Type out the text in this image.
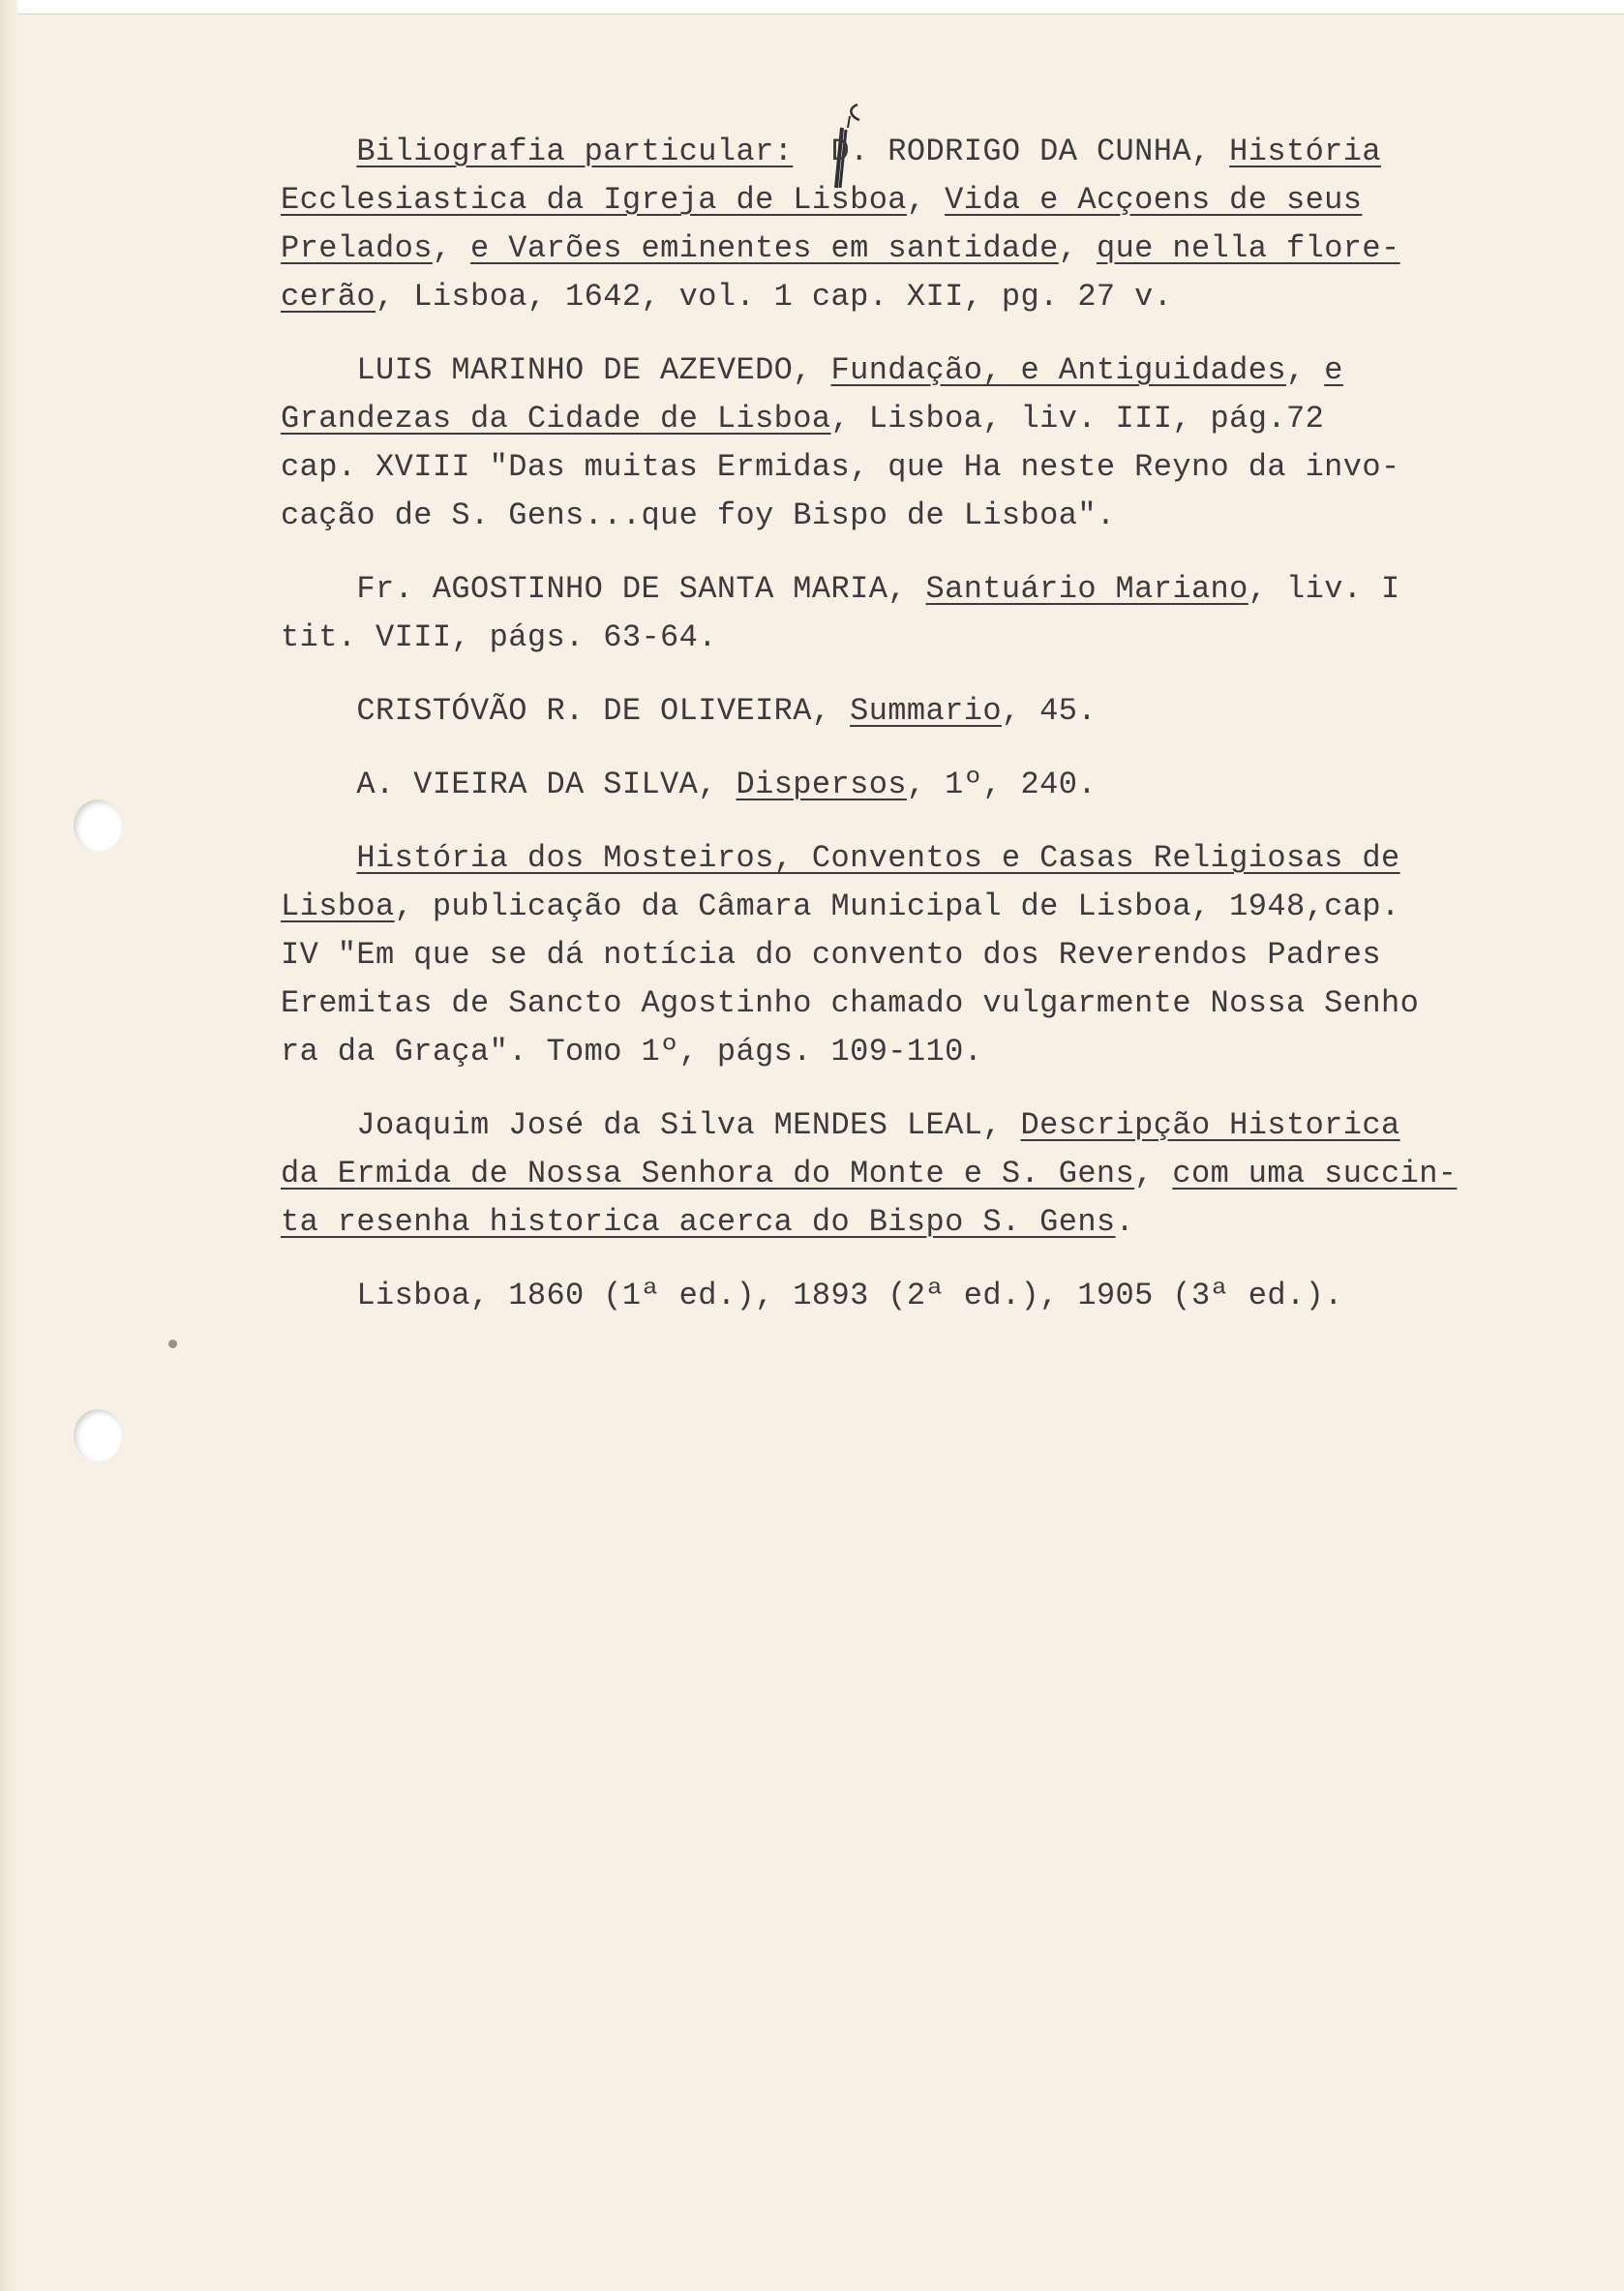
Biliografia particular:  D. RODRIGO DA CUNHA, História
Ecclesiastica da Igreja de Lisboa, Vida e Acçoens de seus
Prelados, e Varões eminentes em santidade, que nella flore-
cerão, Lisboa, 1642, vol. 1 cap. XII, pg. 27 v.
LUIS MARINHO DE AZEVEDO, Fundação, e Antiguidades, e
Grandezas da Cidade de Lisboa, Lisboa, liv. III, pág.72
cap. XVIII "Das muitas Ermidas, que Ha neste Reyno da invo-
cação de S. Gens...que foy Bispo de Lisboa".
Fr. AGOSTINHO DE SANTA MARIA, Santuário Mariano, liv. I
tit. VIII, págs. 63-64.
CRISTÓVÃO R. DE OLIVEIRA, Summario, 45.
A. VIEIRA DA SILVA, Dispersos, 1º, 240.
História dos Mosteiros, Conventos e Casas Religiosas de
Lisboa, publicação da Câmara Municipal de Lisboa, 1948,cap.
IV "Em que se dá notícia do convento dos Reverendos Padres
Eremitas de Sancto Agostinho chamado vulgarmente Nossa Senho
ra da Graça". Tomo 1º, págs. 109-110.
Joaquim José da Silva MENDES LEAL, Descripção Historica
da Ermida de Nossa Senhora do Monte e S. Gens, com uma succin-
ta resenha historica acerca do Bispo S. Gens.
Lisboa, 1860 (1ª ed.), 1893 (2ª ed.), 1905 (3ª ed.).
